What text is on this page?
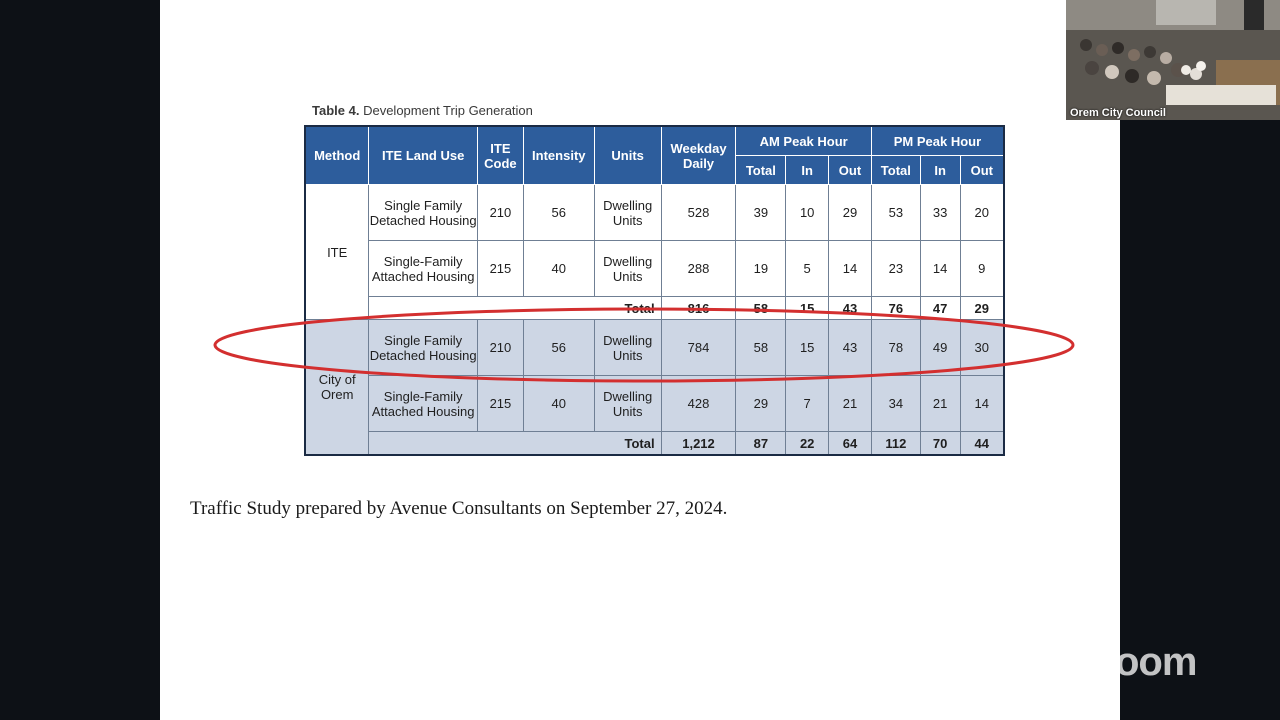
Table 4. Development Trip Generation
Method	ITE Land Use	ITE Code	Intensity	Units	Weekday Daily	AM Peak Hour			PM Peak Hour		
						Total	In	Out	Total	In	Out
ITE	Single Family Detached Housing	210	56	Dwelling Units	528	39	10	29	53	33	20
	Single-Family Attached Housing	215	40	Dwelling Units	288	19	5	14	23	14	9
	Total				816	58	15	43	76	47	29
City of Orem	Single Family Detached Housing	210	56	Dwelling Units	784	58	15	43	78	49	30
	Single-Family Attached Housing	215	40	Dwelling Units	428	29	7	21	34	21	14
	Total				1,212	87	22	64	112	70	44
Traffic Study prepared by Avenue Consultants on September 27, 2024.
Orem City Council
zoom
